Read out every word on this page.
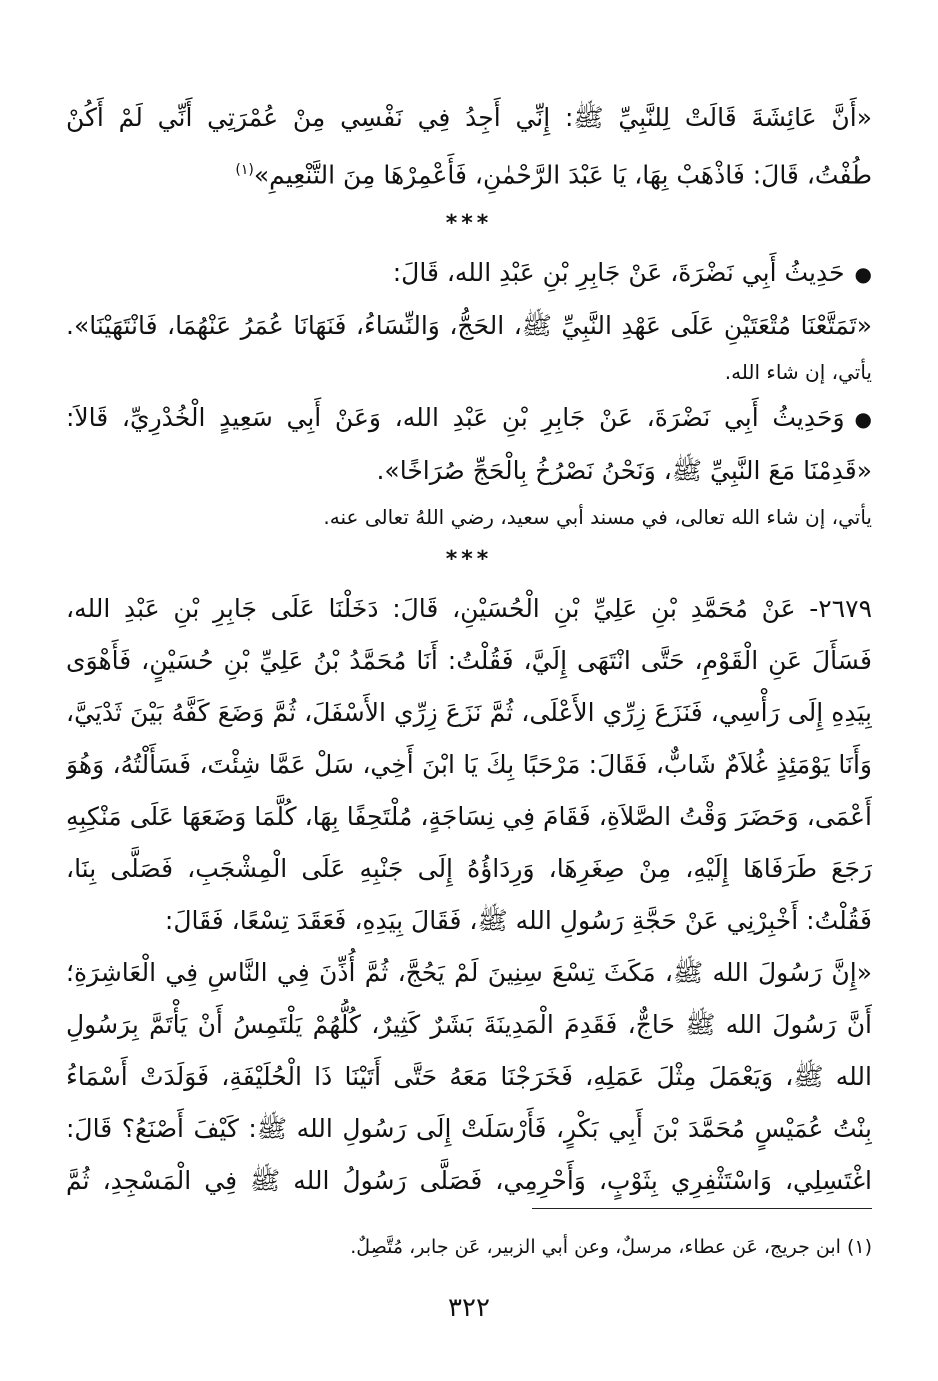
«أَنَّ عَائِشَةَ قَالَتْ لِلنَّبِيِّ ﷺ: إِنِّي أَجِدُ فِي نَفْسِي مِنْ عُمْرَتِي أَنِّي لَمْ أَكُنْ
طُفْتُ، قَالَ: فَاذْهَبْ بِهَا، يَا عَبْدَ الرَّحْمٰنِ، فَأَعْمِرْهَا مِنَ التَّنْعِيمِ»$^{(١)}$
***
●حَدِيثُ أَبِي نَضْرَةَ، عَنْ جَابِرِ بْنِ عَبْدِ الله، قَالَ:
«تَمَتَّعْنَا مُتْعَتَيْنِ عَلَى عَهْدِ النَّبِيِّ ﷺ، الحَجُّ، وَالنِّسَاءُ، فَنَهَانَا عُمَرُ عَنْهُمَا، فَانْتَهَيْنَا».
يأتي، إن شاء الله.
●وَحَدِيثُ أَبِي نَضْرَةَ، عَنْ جَابِرِ بْنِ عَبْدِ الله، وَعَنْ أَبِي سَعِيدٍ الْخُدْرِيِّ، قَالاَ:
«قَدِمْنَا مَعَ النَّبِيِّ ﷺ، وَنَحْنُ نَصْرُخُ بِالْحَجِّ صُرَاخًا».
يأتي، إن شاء الله تعالى، في مسند أبي سعيد، رضي اللهُ تعالى عنه.
***
٢٦٧٩- عَنْ مُحَمَّدِ بْنِ عَلِيِّ بْنِ الْحُسَيْنِ، قَالَ: دَخَلْنَا عَلَى جَابِرِ بْنِ عَبْدِ الله،
فَسَأَلَ عَنِ الْقَوْمِ، حَتَّى انْتَهَى إِلَيَّ، فَقُلْتُ: أَنَا مُحَمَّدُ بْنُ عَلِيِّ بْنِ حُسَيْنٍ، فَأَهْوَى
بِيَدِهِ إِلَى رَأْسِي، فَنَزَعَ زِرِّي الأَعْلَى، ثُمَّ نَزَعَ زِرِّي الأَسْفَلَ، ثُمَّ وَضَعَ كَفَّهُ بَيْنَ ثَدْيَيَّ،
وَأَنَا يَوْمَئِذٍ غُلاَمٌ شَابٌّ، فَقَالَ: مَرْحَبًا بِكَ يَا ابْنَ أَخِي، سَلْ عَمَّا شِئْتَ، فَسَأَلْتُهُ، وَهُوَ
أَعْمَى، وَحَضَرَ وَقْتُ الصَّلاَةِ، فَقَامَ فِي نِسَاجَةٍ، مُلْتَحِفًا بِهَا، كُلَّمَا وَضَعَهَا عَلَى مَنْكِبِهِ
رَجَعَ طَرَفَاهَا إِلَيْهِ، مِنْ صِغَرِهَا، وَرِدَاؤُهُ إِلَى جَنْبِهِ عَلَى الْمِشْجَبِ، فَصَلَّى بِنَا،
فَقُلْتُ: أَخْبِرْنِي عَنْ حَجَّةِ رَسُولِ الله ﷺ، فَقَالَ بِيَدِهِ، فَعَقَدَ تِسْعًا، فَقَالَ:
«إِنَّ رَسُولَ الله ﷺ، مَكَثَ تِسْعَ سِنِينَ لَمْ يَحُجَّ، ثُمَّ أُذِّنَ فِي النَّاسِ فِي الْعَاشِرَةِ؛
أَنَّ رَسُولَ الله ﷺ حَاجٌّ، فَقَدِمَ الْمَدِينَةَ بَشَرٌ كَثِيرٌ، كُلُّهُمْ يَلْتَمِسُ أَنْ يَأْتَمَّ بِرَسُولِ
الله ﷺ، وَيَعْمَلَ مِثْلَ عَمَلِهِ، فَخَرَجْنَا مَعَهُ حَتَّى أَتَيْنَا ذَا الْحُلَيْفَةِ، فَوَلَدَتْ أَسْمَاءُ
بِنْتُ عُمَيْسٍ مُحَمَّدَ بْنَ أَبِي بَكْرٍ، فَأَرْسَلَتْ إِلَى رَسُولِ الله ﷺ: كَيْفَ أَصْنَعُ؟ قَالَ:
اغْتَسِلِي، وَاسْتَثْفِرِي بِثَوْبٍ، وَأَحْرِمِي، فَصَلَّى رَسُولُ الله ﷺ فِي الْمَسْجِدِ، ثُمَّ
(١) ابن جريج، عَن عطاء، مرسلٌ، وعن أبي الزبير، عَن جابر، مُتَّصِلٌ.
٣٢٢
